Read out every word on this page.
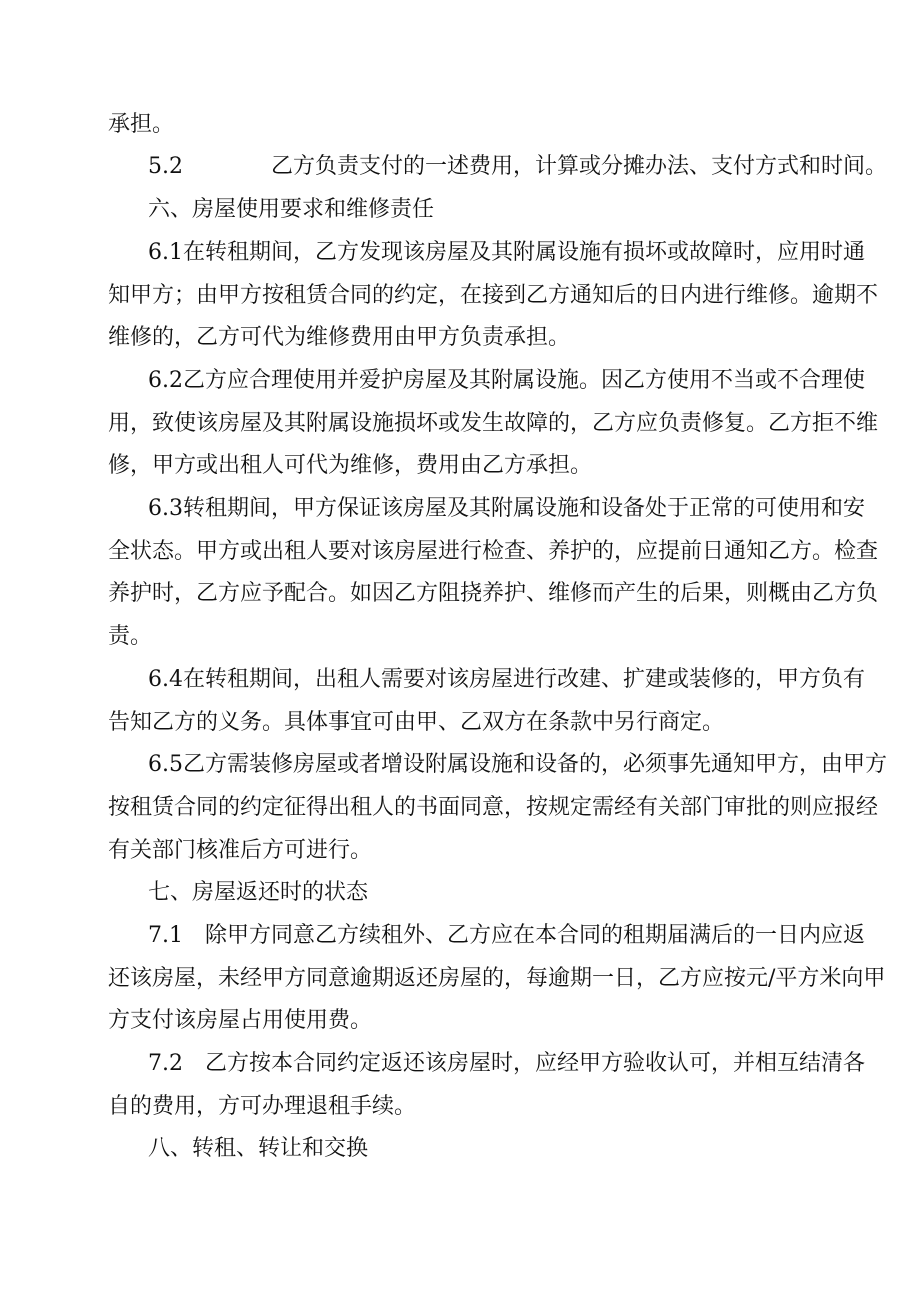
承担。
5.2　　　　乙方负责支付的一述费用，计算或分摊办法、支付方式和时间。
六、房屋使用要求和维修责任
6.1在转租期间，乙方发现该房屋及其附属设施有损坏或故障时，应用时通
知甲方；由甲方按租赁合同的约定，在接到乙方通知后的日内进行维修。逾期不
维修的，乙方可代为维修费用由甲方负责承担。
6.2乙方应合理使用并爱护房屋及其附属设施。因乙方使用不当或不合理使
用，致使该房屋及其附属设施损坏或发生故障的，乙方应负责修复。乙方拒不维
修，甲方或出租人可代为维修，费用由乙方承担。
6.3转租期间，甲方保证该房屋及其附属设施和设备处于正常的可使用和安
全状态。甲方或出租人要对该房屋进行检查、养护的，应提前日通知乙方。检查
养护时，乙方应予配合。如因乙方阻挠养护、维修而产生的后果，则概由乙方负
责。
6.4在转租期间，出租人需要对该房屋进行改建、扩建或装修的，甲方负有
告知乙方的义务。具体事宜可由甲、乙双方在条款中另行商定。
6.5乙方需装修房屋或者增设附属设施和设备的，必须事先通知甲方，由甲方
按租赁合同的约定征得出租人的书面同意，按规定需经有关部门审批的则应报经
有关部门核准后方可进行。
七、房屋返还时的状态
7.1　除甲方同意乙方续租外、乙方应在本合同的租期届满后的一日内应返
还该房屋，未经甲方同意逾期返还房屋的，每逾期一日，乙方应按元/平方米向甲
方支付该房屋占用使用费。
7.2　乙方按本合同约定返还该房屋时，应经甲方验收认可，并相互结清各
自的费用，方可办理退租手续。
八、转租、转让和交换
